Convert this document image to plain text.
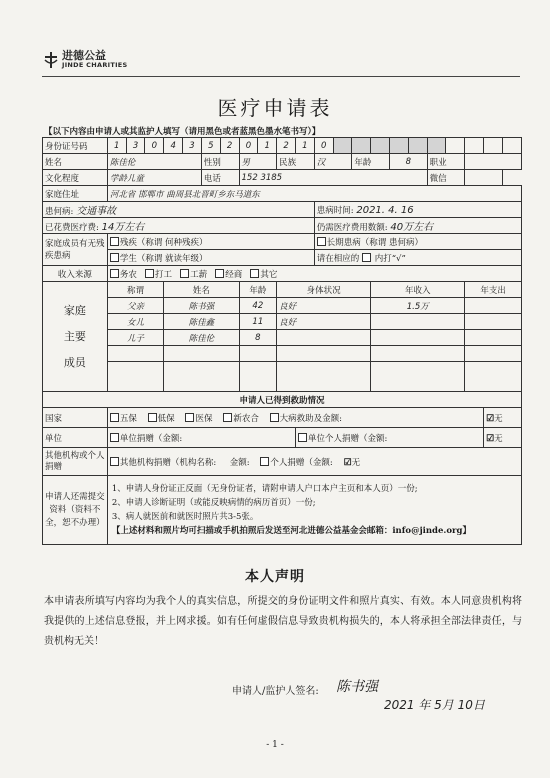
进德公益
JINDE CHARITIES
医疗申请表
【以下内容由申请人或其监护人填写（请用黑色或者蓝黑色墨水笔书写）】
身份证号码	1	3	0	4	3	5	2	0	1	2	1	0										
姓名	陈佳伦					性别		男		民族		汉		年龄		8		职业				
文化程度	学龄儿童					电话		152 3185										微信				
家庭住址	河北省 邯郸市 曲周县北晋町乡东马道东																					
患何病: 交通事故												患病时间: 2021. 4. 16										
已花费医疗费: 14万左右												仍需医疗费用数额: 40万左右										
家庭成员有无残疾患病	残疾（称谓 何种残疾）											长期患病（称谓 患何病）										
	学生（称谓 就读年级）											请在相应的 内打“√”										
收入来源	务农 打工 工薪 经商 其它																					

家庭
主要
成员	称谓			姓名				年龄		身体状况					年收入					年支出		
	父亲			陈书强				42		良好					1.5万							
	女儿			陈佳鑫				11		良好												
	儿子			陈佳伦				8														

申请人已得到救助情况																						
国家	五保 低保 医保 新农合 大病救助及金额:																				☑无	
单位	单位捐赠（金额:										单位个人捐赠（金额:										☑无	
其他机构或个人捐赠	其他机构捐赠（机构名称: 金额: 个人捐赠（金额: ☑无																					
申请人还需提交资料（资料不全，恕不办理）	1、申请人身份证正反面（无身份证者，请附申请人户口本户主页和本人页）一份;
2、申请人诊断证明（或能反映病情的病历首页）一份;
3、病人就医前和就医时照片共3-5张。
【上述材料和照片均可扫描或手机拍照后发送至河北进德公益基金会邮箱：info@jinde.org】																					
本人声明
本申请表所填写内容均为我个人的真实信息，所提交的身份证明文件和照片真实、有效。本人同意贵机构将我提供的上述信息登报，并上网求援。如有任何虚假信息导致贵机构损失的，本人将承担全部法律责任，与贵机构无关！
申请人/监护人签名: 陈书强
2021 年 5月 10日
- 1 -
